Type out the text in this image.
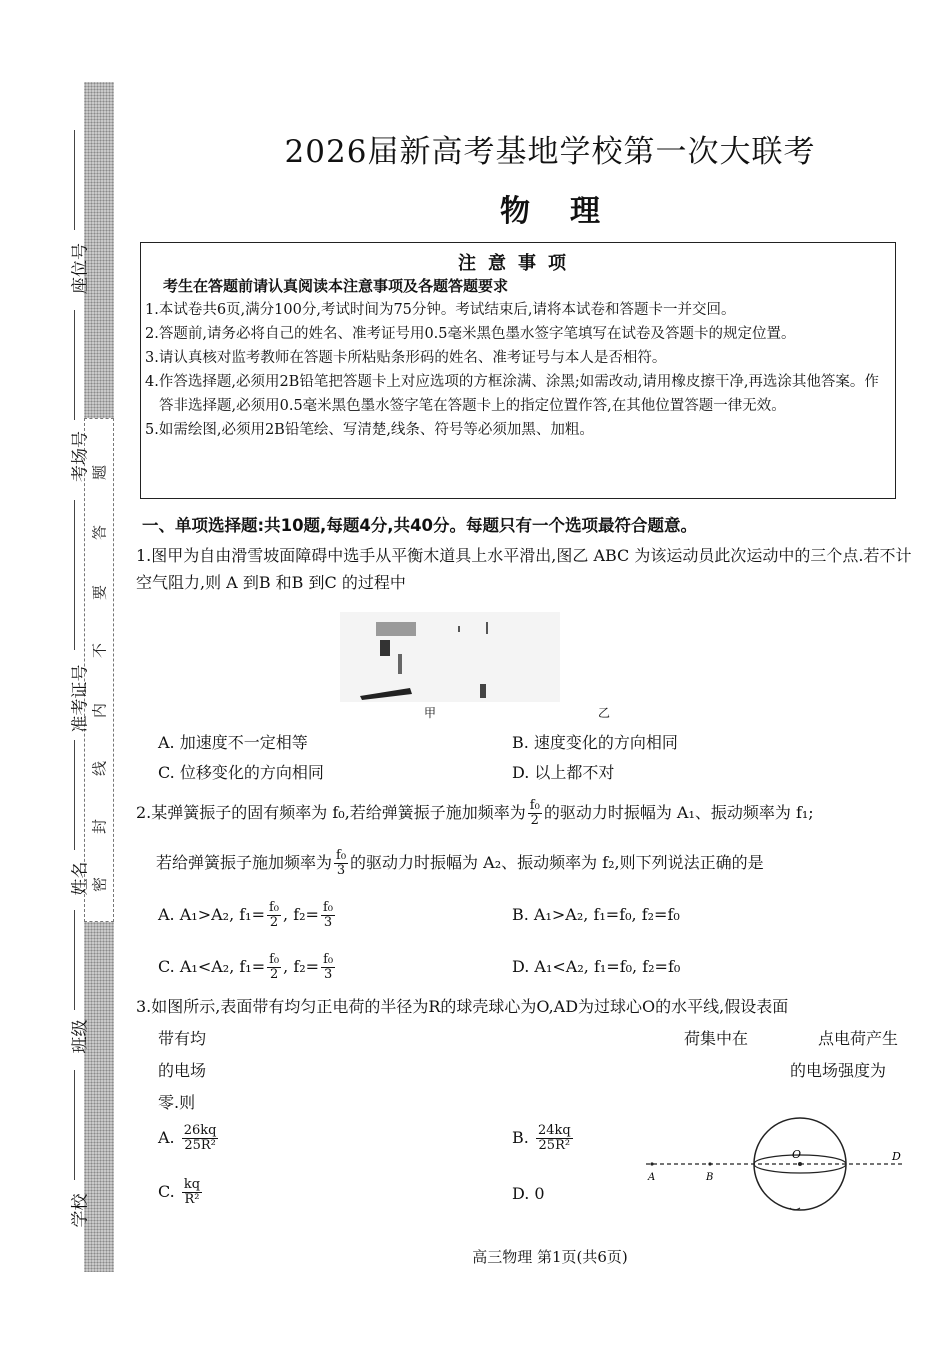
题
答
要
不
内
线
封
密
座位号
考场号
准考证号
姓名
班级
学校
2026届新高考基地学校第一次大联考
物理
注意事项
考生在答题前请认真阅读本注意事项及各题答题要求
1.本试卷共6页,满分100分,考试时间为75分钟。考试结束后,请将本试卷和答题卡一并交回。
2.答题前,请务必将自己的姓名、准考证号用0.5毫米黑色墨水签字笔填写在试卷及答题卡的规定位置。
3.请认真核对监考教师在答题卡所粘贴条形码的姓名、准考证号与本人是否相符。
4.作答选择题,必须用2B铅笔把答题卡上对应选项的方框涂满、涂黑;如需改动,请用橡皮擦干净,再选涂其他答案。作答非选择题,必须用0.5毫米黑色墨水签字笔在答题卡上的指定位置作答,在其他位置答题一律无效。
5.如需绘图,必须用2B铅笔绘、写清楚,线条、符号等必须加黑、加粗。
一、单项选择题:共10题,每题4分,共40分。每题只有一个选项最符合题意。
1.图甲为自由滑雪坡面障碍中选手从平衡木道具上水平滑出,图乙 ABC 为该运动员此次运动中的三个点.若不计空气阻力,则 A 到B 和B 到C 的过程中
甲	乙
A. 加速度不一定相等	B. 速度变化的方向相同
C. 位移变化的方向相同	D. 以上都不对
2.某弹簧振子的固有频率为 f₀,若给弹簧振子施加频率为 $\frac{\text{f₀}}{2}$ 的驱动力时振幅为 A₁、振动频率为 f₁;
若给弹簧振子施加频率为 $\frac{\text{f₀}}{3}$ 的驱动力时振幅为 A₂、振动频率为 f₂,则下列说法正确的是
A. A₁>A₂, $f_1= \frac{\text{f₀}}{2}$ , $f_2= \frac{\text{f₀}}{3}$	B. A₁>A₂, f₁=f₀, f₂=f₀
C. A₁<A₂, $f_1= \frac{\text{f₀}}{2}$ , $f_2= \frac{\text{f₀}}{3}$	D. A₁<A₂, f₁=f₀, f₂=f₀
3.如图所示,表面带有均匀正电荷的半径为R的球壳球心为O,AD为过球心O的水平线,假设表面
带有均	荷集中在	点电荷产生
的电场	的电场强度为
零.则
A. $\frac{26kq}{\text{25R²}}$	B. $\frac{24kq}{\text{25R²}}$
C. $\frac{kq}{\text{R²}}$	D. 0
A	B
O	D
高三物理 第1页(共6页)
